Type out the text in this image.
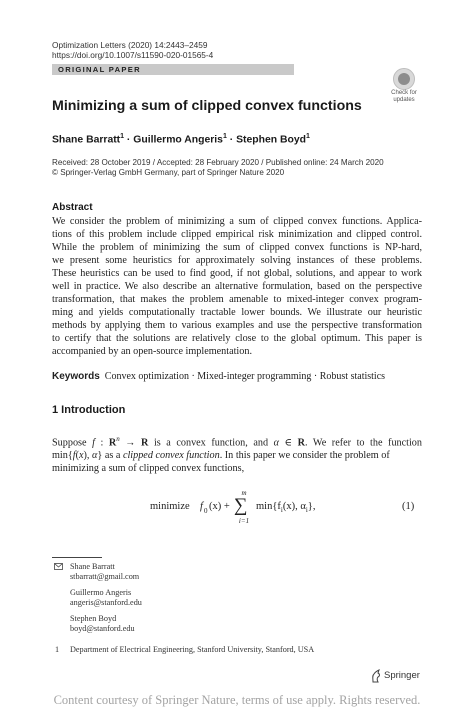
Optimization Letters (2020) 14:2443–2459
https://doi.org/10.1007/s11590-020-01565-4
ORIGINAL PAPER
Check for
updates
Minimizing a sum of clipped convex functions
Shane Barratt$^1$ · Guillermo Angeris$^1$ · Stephen Boyd$^1$
Received: 28 October 2019 / Accepted: 28 February 2020 / Published online: 24 March 2020
© Springer-Verlag GmbH Germany, part of Springer Nature 2020
Abstract
We consider the problem of minimizing a sum of clipped convex functions. Applica-
tions of this problem include clipped empirical risk minimization and clipped control.
While the problem of minimizing the sum of clipped convex functions is NP-hard,
we present some heuristics for approximately solving instances of these problems.
These heuristics can be used to find good, if not global, solutions, and appear to work
well in practice. We also describe an alternative formulation, based on the perspective
transformation, that makes the problem amenable to mixed-integer convex program-
ming and yields computationally tractable lower bounds. We illustrate our heuristic
methods by applying them to various examples and use the perspective transformation
to certify that the solutions are relatively close to the global optimum. This paper is
accompanied by an open-source implementation.
Keywords Convex optimization · Mixed-integer programming · Robust statistics
1 Introduction
Suppose f : $R^n \to R$ is a convex function, and α ∈ R. We refer to the function
min{f(x), α} as a clipped convex function. In this paper we consider the problem of
minimizing a sum of clipped convex functions,
minimize f 0 (x) +
m
∑
i=1
$\min\{f_i(x)$, $\alpha_i$},	(1)
Shane Barratt
stbarratt@gmail.com
Guillermo Angeris
angeris@stanford.edu
Stephen Boyd
boyd@stanford.edu
1 Department of Electrical Engineering, Stanford University, Stanford, USA
Springer
Content courtesy of Springer Nature, terms of use apply. Rights reserved.
